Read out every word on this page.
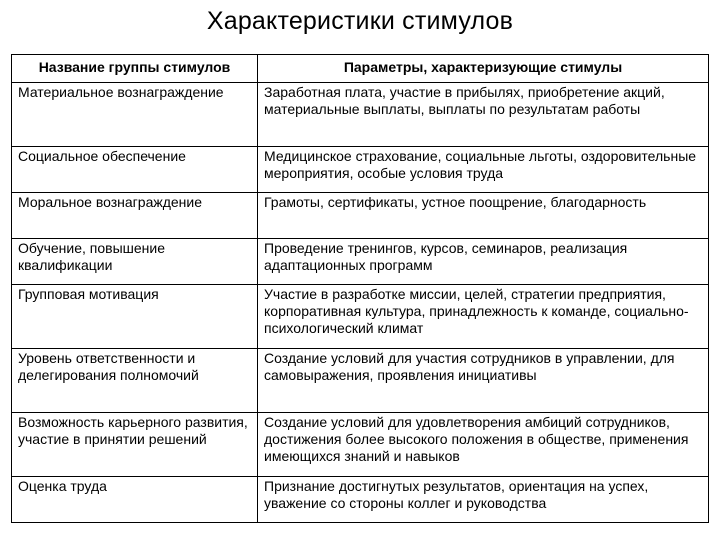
Характеристики стимулов
Название группы стимулов	Параметры, характеризующие стимулы
Материальное вознаграждение	Заработная плата, участие в прибылях, приобретение акций, материальные выплаты, выплаты по результатам работы
Социальное обеспечение	Медицинское страхование, социальные льготы, оздоровительные мероприятия, особые условия труда
Моральное вознаграждение	Грамоты, сертификаты, устное поощрение, благодарность
Обучение, повышение квалификации	Проведение тренингов, курсов, семинаров, реализация адаптационных программ
Групповая мотивация	Участие в разработке миссии, целей, стратегии предприятия, корпоративная культура, принадлежность к команде, социально-психологический климат
Уровень ответственности и делегирования полномочий	Создание условий для участия сотрудников в управлении, для самовыражения, проявления инициативы
Возможность карьерного развития, участие в принятии решений	Создание условий для удовлетворения амбиций сотрудников, достижения более высокого положения в обществе, применения имеющихся знаний и навыков
Оценка труда	Признание достигнутых результатов, ориентация на успех, уважение со стороны коллег и руководства
